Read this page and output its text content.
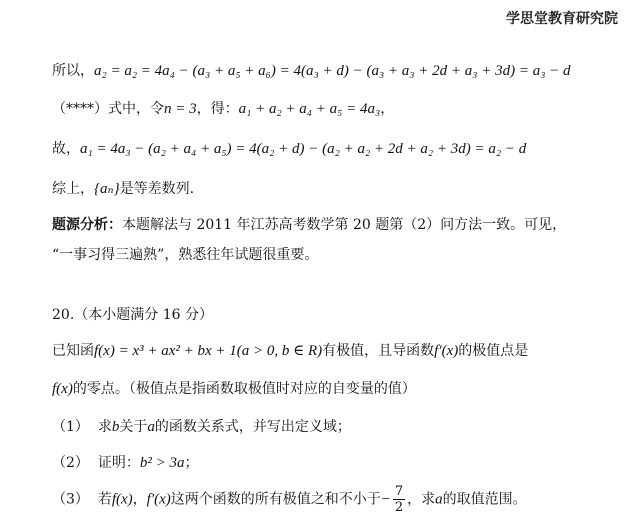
学思堂教育研究院
所以，a₂ = a₂ = 4a₄ − (a₃ + a₅ + a₆) = 4(a₃ + d) − (a₃ + a₃ + 2d + a₃ + 3d) = a₃ − d
（****）式中，令n = 3，得：a₁ + a₂ + a₄ + a₅ = 4a₃，
故，a₁ = 4a₃ − (a₂ + a₄ + a₅) = 4(a₂ + d) − (a₂ + a₂ + 2d + a₂ + 3d) = a₂ − d
综上，{aₙ}是等差数列.
题源分析：本题解法与 2011 年江苏高考数学第 20 题第（2）问方法一致。可见，
“一事习得三遍熟”，熟悉往年试题很重要。
20.（本小题满分 16 分）
已知函f(x) = x³ + ax² + bx + 1(a > 0, b ∈ R)有极值，且导函数f′(x)的极值点是
f(x)的零点。（极值点是指函数取极值时对应的自变量的值）
（1） 求b关于a的函数关系式，并写出定义域；
（2） 证明：b² > 3a；
（3） 若f(x)，f′(x)这两个函数的所有极值之和不小于− $\frac{7}{2}$ ，求a的取值范围。
